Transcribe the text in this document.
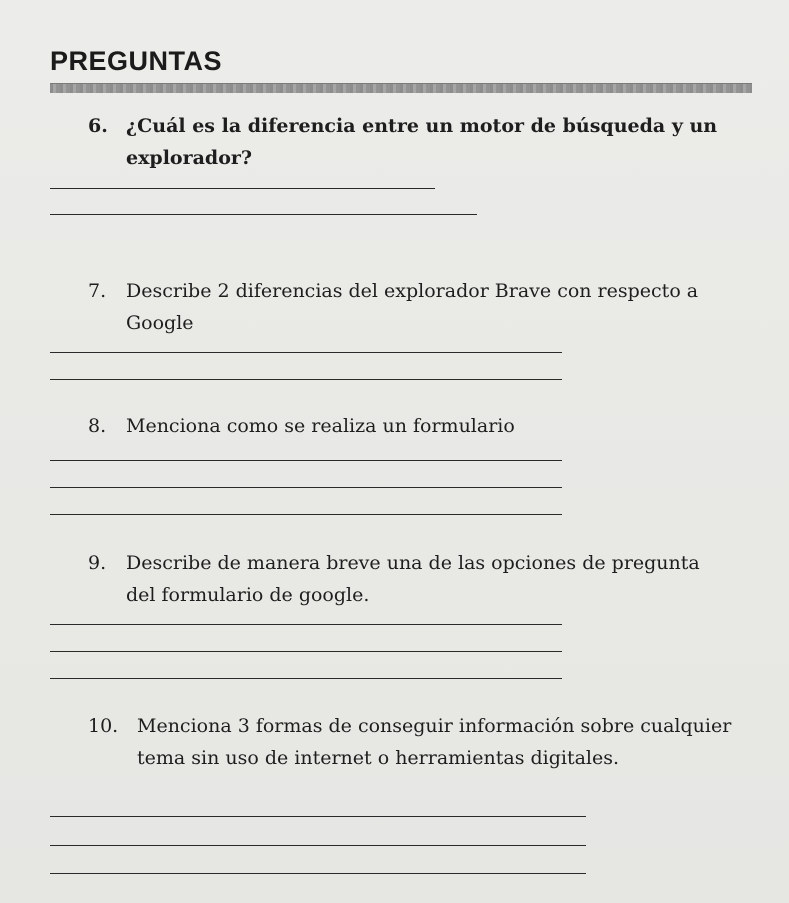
PREGUNTAS
6. ¿Cuál es la diferencia entre un motor de búsqueda y un explorador?
7. Describe 2 diferencias del explorador Brave con respecto a Google
8. Menciona como se realiza un formulario
9. Describe de manera breve una de las opciones de pregunta del formulario de google.
10. Menciona 3 formas de conseguir información sobre cualquier tema sin uso de internet o herramientas digitales.
